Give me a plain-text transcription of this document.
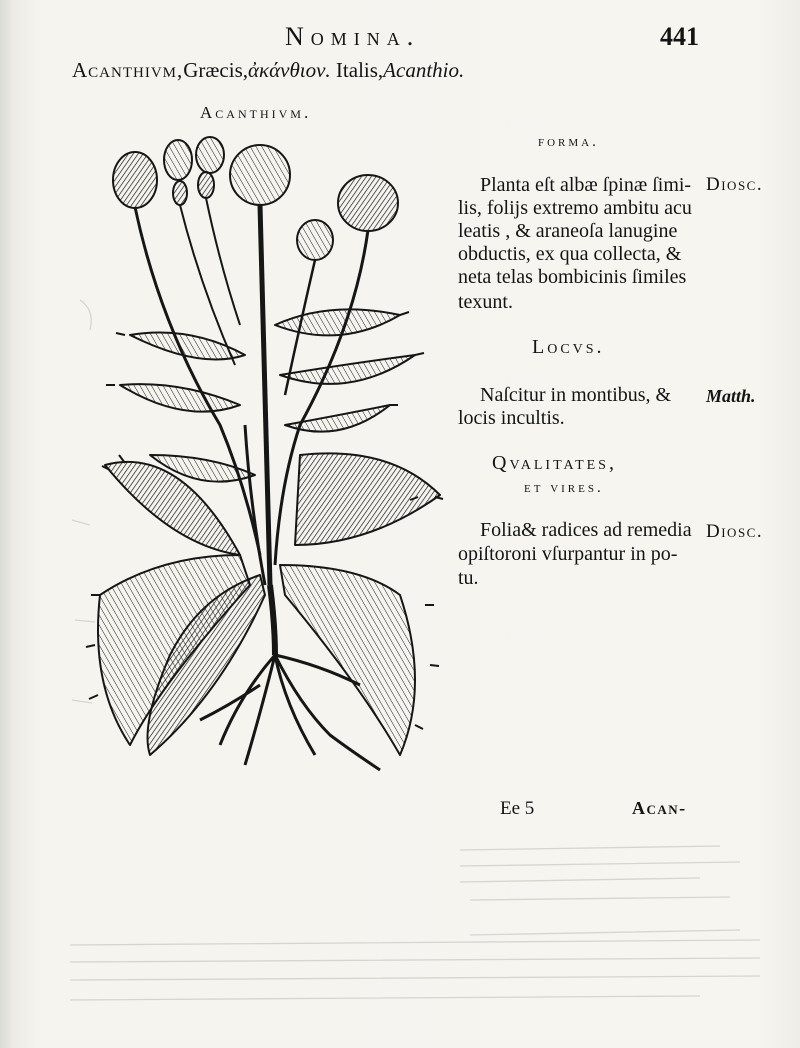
Nomina.	441
Acanthivm,Græcis,ἀκάνθιον. Italis,Acanthio.
Acanthivm.
forma.
Planta eſt albæ ſpinæ ſimi-
lis, folijs extremo ambitu acu
leatis , & araneoſa lanugine
obductis, ex qua collecta, &
neta telas bombicinis ſimiles
texunt.
Diosc.
Locvs.
Naſcitur in montibus, &
locis incultis.
Matth.
Qvalitates,
et vires.
Folia& radices ad remedia
opiſtoroni vſurpantur in po-
tu.
Diosc.
Ee 5	Acan-
